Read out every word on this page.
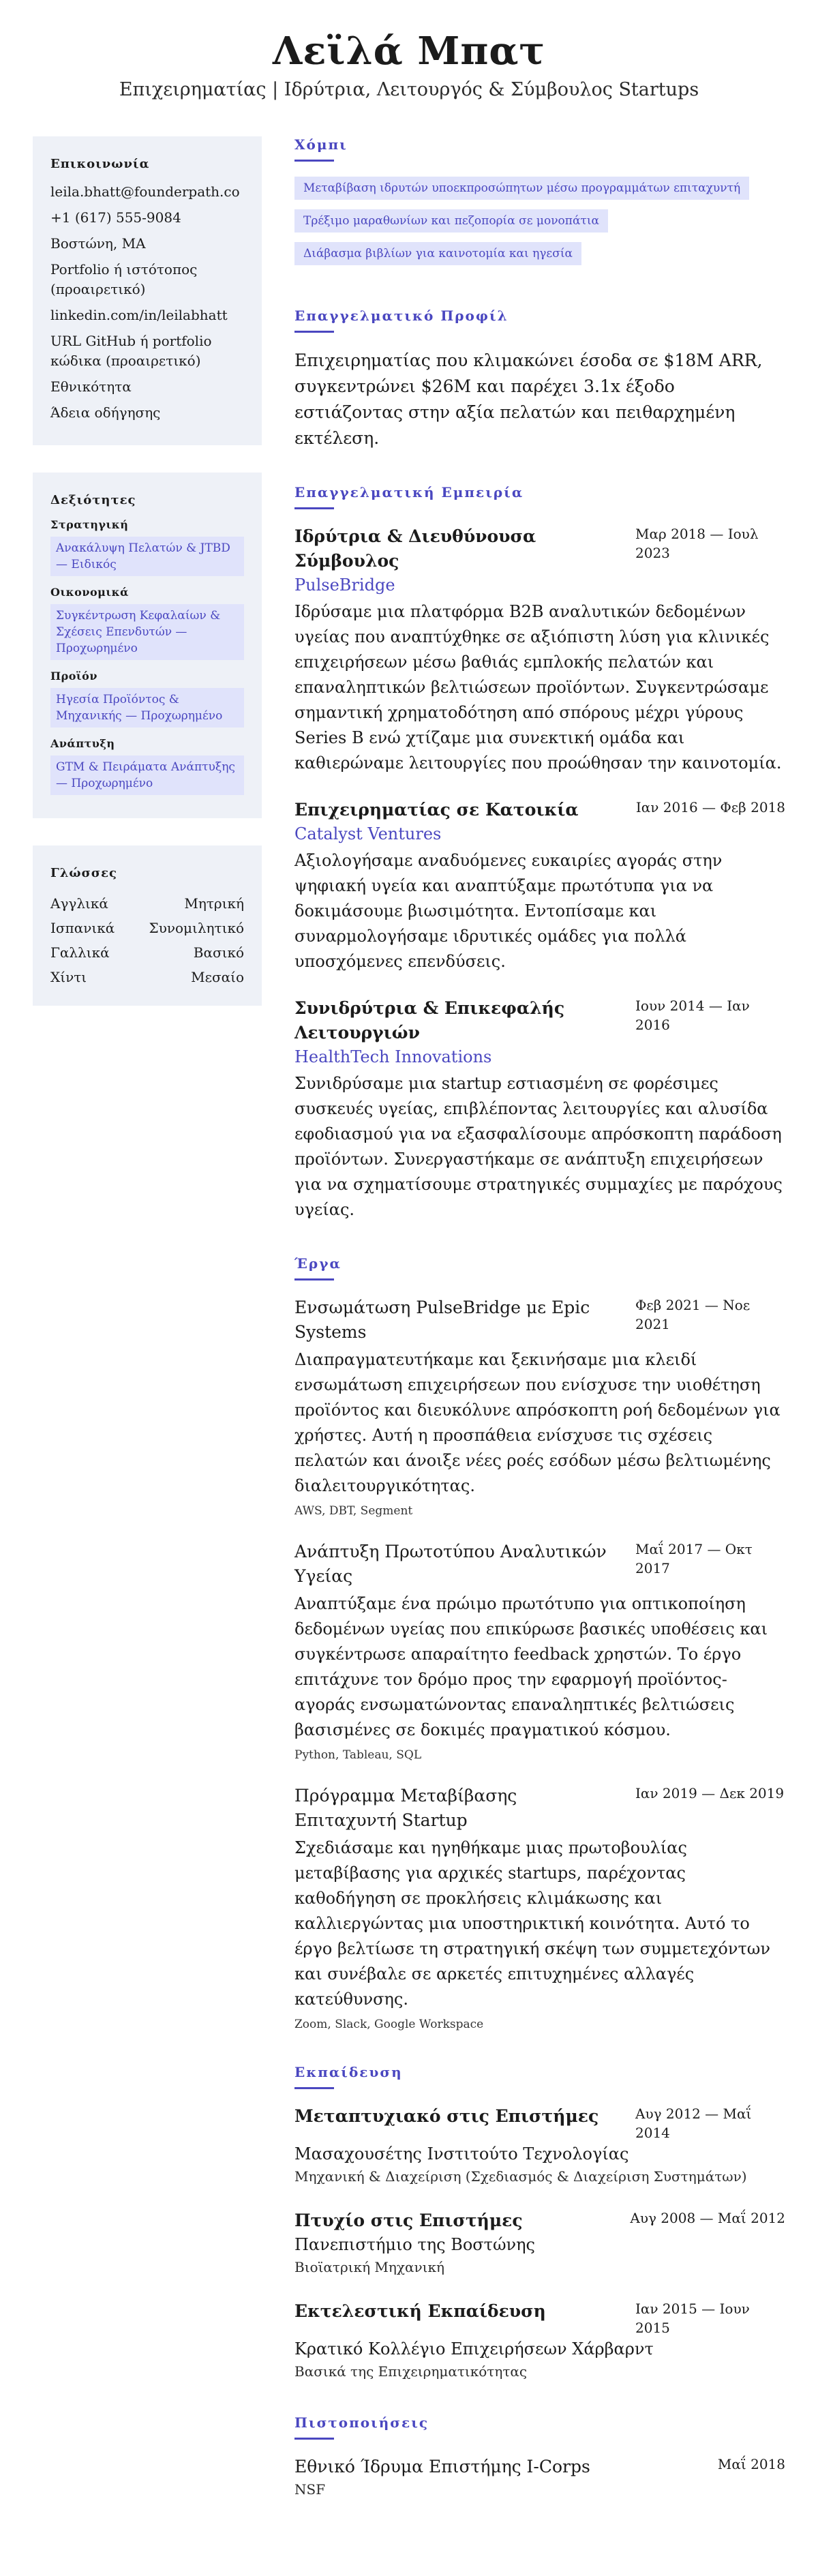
Λεϊλά Μπατ
Επιχειρηματίας | Ιδρύτρια, Λειτουργός & Σύμβουλος Startups
Επικοινωνία
leila.bhatt@founderpath.co
+1 (617) 555-9084
Βοστώνη, MA
Portfolio ή ιστότοπος (προαιρετικό)
linkedin.com/in/leilabhatt
URL GitHub ή portfolio κώδικα (προαιρετικό)
Εθνικότητα
Άδεια οδήγησης
Δεξιότητες
Στρατηγική
Ανακάλυψη Πελατών & JTBD — Ειδικός
Οικονομικά
Συγκέντρωση Κεφαλαίων & Σχέσεις Επενδυτών — Προχωρημένο
Προϊόν
Ηγεσία Προϊόντος & Μηχανικής — Προχωρημένο
Ανάπτυξη
GTM & Πειράματα Ανάπτυξης — Προχωρημένο
Γλώσσες
Αγγλικά	Μητρική
Ισπανικά	Συνομιλητικό
Γαλλικά	Βασικό
Χίντι	Μεσαίο
Χόμπι
Μεταβίβαση ιδρυτών υποεκπροσώπητων μέσω προγραμμάτων επιταχυντή
Τρέξιμο μαραθωνίων και πεζοπορία σε μονοπάτια
Διάβασμα βιβλίων για καινοτομία και ηγεσία
Επαγγελματικό Προφίλ
Επιχειρηματίας που κλιμακώνει έσοδα σε $18M ARR, συγκεντρώνει $26M και παρέχει 3.1x έξοδο εστιάζοντας στην αξία πελατών και πειθαρχημένη εκτέλεση.
Επαγγελματική Εμπειρία
Ιδρύτρια & Διευθύνουσα Σύμβουλος
Μαρ 2018 — Ιουλ 2023
PulseBridge
Ιδρύσαμε μια πλατφόρμα B2B αναλυτικών δεδομένων υγείας που αναπτύχθηκε σε αξιόπιστη λύση για κλινικές επιχειρήσεων μέσω βαθιάς εμπλοκής πελατών και επαναληπτικών βελτιώσεων προϊόντων. Συγκεντρώσαμε σημαντική χρηματοδότηση από σπόρους μέχρι γύρους Series B ενώ χτίζαμε μια συνεκτική ομάδα και καθιερώναμε λειτουργίες που προώθησαν την καινοτομία.
Επιχειρηματίας σε Κατοικία	Ιαν 2016 — Φεβ 2018
Catalyst Ventures
Αξιολογήσαμε αναδυόμενες ευκαιρίες αγοράς στην ψηφιακή υγεία και αναπτύξαμε πρωτότυπα για να δοκιμάσουμε βιωσιμότητα. Εντοπίσαμε και συναρμολογήσαμε ιδρυτικές ομάδες για πολλά υποσχόμενες επενδύσεις.
Συνιδρύτρια & Επικεφαλής Λειτουργιών
Ιουν 2014 — Ιαν 2016
HealthTech Innovations
Συνιδρύσαμε μια startup εστιασμένη σε φορέσιμες συσκευές υγείας, επιβλέποντας λειτουργίες και αλυσίδα εφοδιασμού για να εξασφαλίσουμε απρόσκοπτη παράδοση προϊόντων. Συνεργαστήκαμε σε ανάπτυξη επιχειρήσεων για να σχηματίσουμε στρατηγικές συμμαχίες με παρόχους υγείας.
Έργα
Ενσωμάτωση PulseBridge με Epic Systems
Φεβ 2021 — Νοε 2021
Διαπραγματευτήκαμε και ξεκινήσαμε μια κλειδί ενσωμάτωση επιχειρήσεων που ενίσχυσε την υιοθέτηση προϊόντος και διευκόλυνε απρόσκοπτη ροή δεδομένων για χρήστες. Αυτή η προσπάθεια ενίσχυσε τις σχέσεις πελατών και άνοιξε νέες ροές εσόδων μέσω βελτιωμένης διαλειτουργικότητας.
AWS, DBT, Segment
Ανάπτυξη Πρωτοτύπου Αναλυτικών Υγείας
Μαΐ 2017 — Οκτ 2017
Αναπτύξαμε ένα πρώιμο πρωτότυπο για οπτικοποίηση δεδομένων υγείας που επικύρωσε βασικές υποθέσεις και συγκέντρωσε απαραίτητο feedback χρηστών. Το έργο επιτάχυνε τον δρόμο προς την εφαρμογή προϊόντος-αγοράς ενσωματώνοντας επαναληπτικές βελτιώσεις βασισμένες σε δοκιμές πραγματικού κόσμου.
Python, Tableau, SQL
Πρόγραμμα Μεταβίβασης Επιταχυντή Startup
Ιαν 2019 — Δεκ 2019
Σχεδιάσαμε και ηγηθήκαμε μιας πρωτοβουλίας μεταβίβασης για αρχικές startups, παρέχοντας καθοδήγηση σε προκλήσεις κλιμάκωσης και καλλιεργώντας μια υποστηρικτική κοινότητα. Αυτό το έργο βελτίωσε τη στρατηγική σκέψη των συμμετεχόντων και συνέβαλε σε αρκετές επιτυχημένες αλλαγές κατεύθυνσης.
Zoom, Slack, Google Workspace
Εκπαίδευση
Μεταπτυχιακό στις Επιστήμες	Αυγ 2012 — Μαΐ 2014
Μασαχουσέτης Ινστιτούτο Τεχνολογίας
Μηχανική & Διαχείριση (Σχεδιασμός & Διαχείριση Συστημάτων)
Πτυχίο στις Επιστήμες	Αυγ 2008 — Μαΐ 2012
Πανεπιστήμιο της Βοστώνης
Βιοϊατρική Μηχανική
Εκτελεστική Εκπαίδευση	Ιαν 2015 — Ιουν 2015
Κρατικό Κολλέγιο Επιχειρήσεων Χάρβαρντ
Βασικά της Επιχειρηματικότητας
Πιστοποιήσεις
Εθνικό Ίδρυμα Επιστήμης I-Corps	Μαΐ 2018
NSF
